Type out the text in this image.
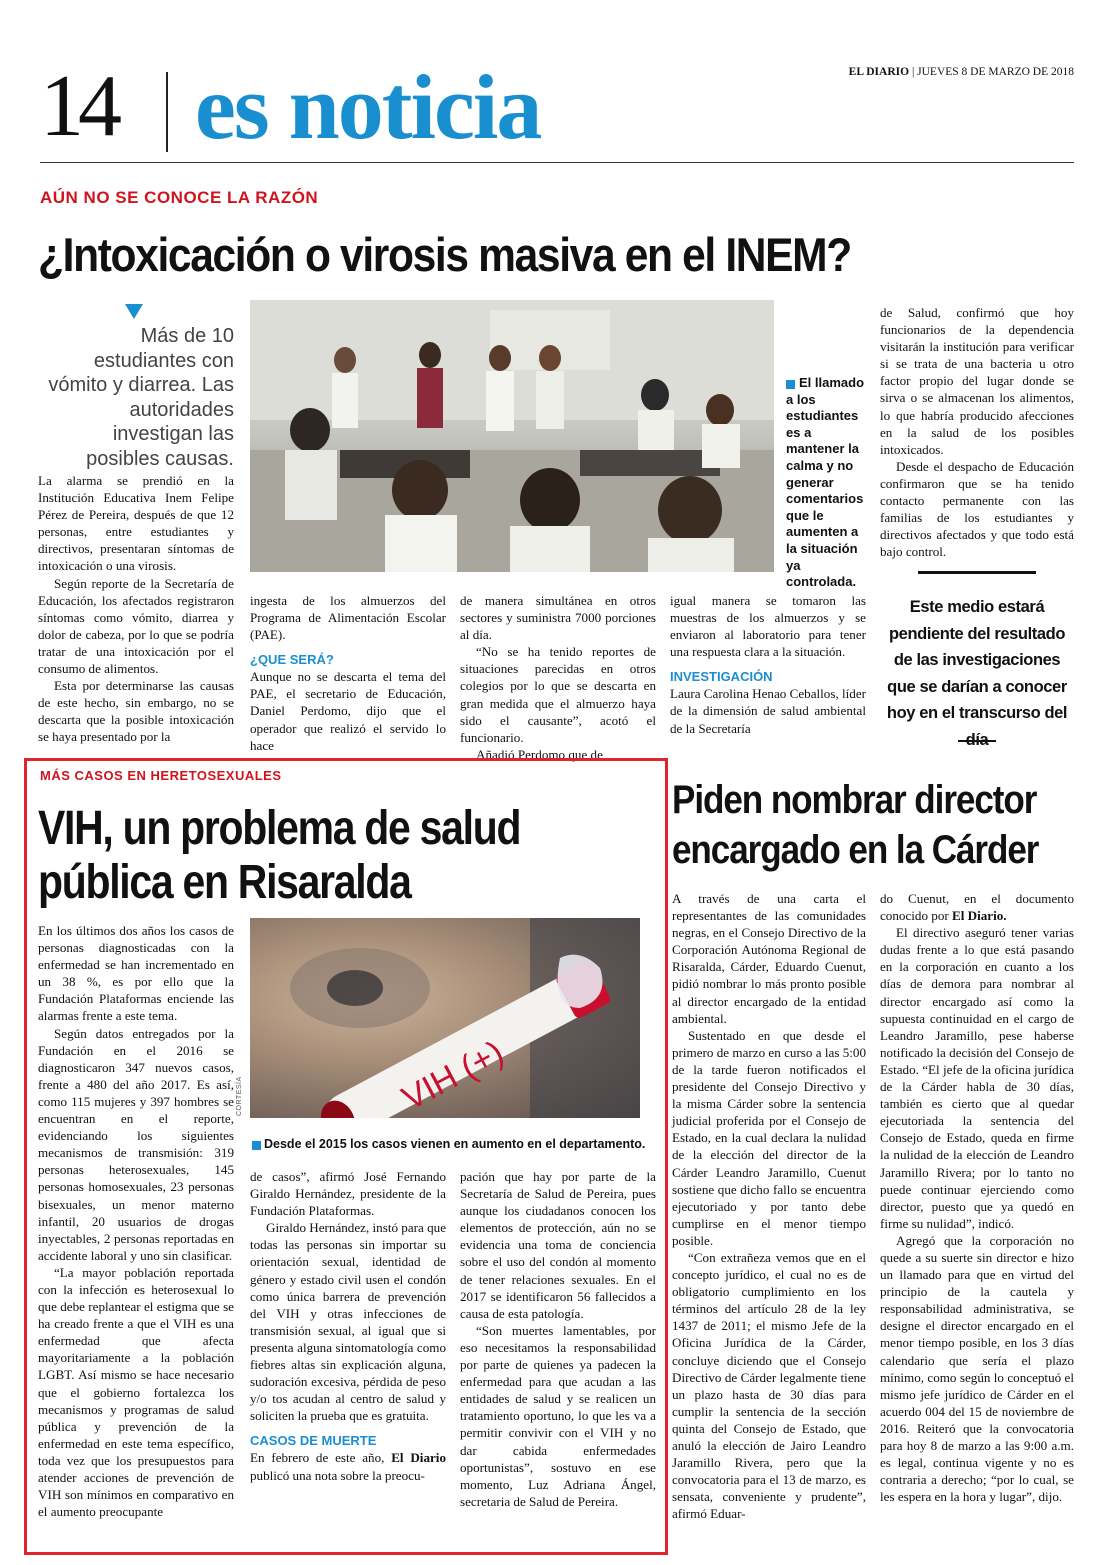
14 es noticia	EL DIARIO | JUEVES 8 DE MARZO DE 2018
AÚN NO SE CONOCE LA RAZÓN
¿Intoxicación o virosis masiva en el INEM?
Más de 10 estudiantes con vómito y diarrea. Las autoridades investigan las posibles causas.
El llamado a los estudiantes es a mantener la calma y no generar comentarios que le aumenten a la situación ya controlada.

La alarma se prendió en la Institución Educativa Inem Felipe Pérez de Pereira, después de que 12 personas, entre estudiantes y directivos, presentaran síntomas de intoxicación o una virosis.

Según reporte de la Secretaría de Educación, los afectados registraron síntomas como vómito, diarrea y dolor de cabeza, por lo que se podría tratar de una intoxicación por el consumo de alimentos.

Esta por determinarse las causas de este hecho, sin embargo, no se descarta que la posible intoxicación se haya presentado por la

ingesta de los almuerzos del Programa de Alimentación Escolar (PAE).

¿QUE SERÁ?

Aunque no se descarta el tema del PAE, el secretario de Educación, Daniel Perdomo, dijo que el operador que realizó el servido lo hace

de manera simultánea en otros sectores y suministra 7000 porciones al día.

“No se ha tenido reportes de situaciones parecidas en otros colegios por lo que se descarta en gran medida que el almuerzo haya sido el causante”, acotó el funcionario.

Añadió Perdomo que de

igual manera se tomaron las muestras de los almuerzos y se enviaron al laboratorio para tener una respuesta clara a la situación.

INVESTIGACIÓN

Laura Carolina Henao Ceballos, líder de la dimensión de salud ambiental de la Secretaría

de Salud, confirmó que hoy funcionarios de la dependencia visitarán la institución para verificar si se trata de una bacteria u otro factor propio del lugar donde se sirva o se almacenan los alimentos, lo que habría producido afecciones en la salud de los posibles intoxicados.

Desde el despacho de Educación confirmaron que se ha tenido contacto permanente con las familias de los estudiantes y directivos afectados y que todo está bajo control.

Este medio estará pendiente del resultado de las investigaciones que se darían a conocer hoy en el transcurso del
MÁS CASOS EN HERETOSEXUALES
VIH, un problema de salud
pública en Risaralda
VIH (+)
CORTESÍA
Desde el 2015 los casos vienen en aumento en el departamento.

En los últimos dos años los casos de personas diagnosticadas con la enfermedad se han incrementado en un 38 %, es por ello que la Fundación Plataformas enciende las alarmas frente a este tema.

Según datos entregados por la Fundación en el 2016 se diagnosticaron 347 nuevos casos, frente a 480 del año 2017. Es así, como 115 mujeres y 397 hombres se encuentran en el reporte, evidenciando los siguientes mecanismos de transmisión: 319 personas heterosexuales, 145 personas homosexuales, 23 personas bisexuales, un menor materno infantil, 20 usuarios de drogas inyectables, 2 personas reportadas en accidente laboral y uno sin clasificar.

“La mayor población reportada con la infección es heterosexual lo que debe replantear el estigma que se ha creado frente a que el VIH es una enfermedad que afecta mayoritariamente a la población LGBT. Así mismo se hace necesario que el gobierno fortalezca los mecanismos y programas de salud pública y prevención de la enfermedad en este tema específico, toda vez que los presupuestos para atender acciones de prevención de VIH son mínimos en comparativo en el aumento preocupante

de casos”, afirmó José Fernando Giraldo Hernández, presidente de la Fundación Plataformas.

Giraldo Hernández, instó para que todas las personas sin importar su orientación sexual, identidad de género y estado civil usen el condón como única barrera de prevención del VIH y otras infecciones de transmisión sexual, al igual que si presenta alguna sintomatología como fiebres altas sin explicación alguna, sudoración excesiva, pérdida de peso y/o tos acudan al centro de salud y soliciten la prueba que es gratuita.

CASOS DE MUERTE

En febrero de este año, El Diario publicó una nota sobre la preocu-

pación que hay por parte de la Secretaría de Salud de Pereira, pues aunque los ciudadanos conocen los elementos de protección, aún no se evidencia una toma de conciencia sobre el uso del condón al momento de tener relaciones sexuales. En el 2017 se identificaron 56 fallecidos a causa de esta patología.

“Son muertes lamentables, por eso necesitamos la responsabilidad por parte de quienes ya padecen la enfermedad para que acudan a las entidades de salud y se realicen un tratamiento oportuno, lo que les va a permitir convivir con el VIH y no dar cabida enfermedades oportunistas”, sostuvo en ese momento, Luz Adriana Ángel, secretaria de Salud de Pereira.

Piden nombrar director
encargado en la Cárder

A través de una carta el representantes de las comunidades negras, en el Consejo Directivo de la Corporación Autónoma Regional de Risaralda, Cárder, Eduardo Cuenut, pidió nombrar lo más pronto posible al director encargado de la entidad ambiental.

Sustentado en que desde el primero de marzo en curso a las 5:00 de la tarde fueron notificados el presidente del Consejo Directivo y la misma Cárder sobre la sentencia judicial proferida por el Consejo de Estado, en la cual declara la nulidad de la elección del director de la Cárder Leandro Jaramillo, Cuenut sostiene que dicho fallo se encuentra ejecutoriado y por tanto debe cumplirse en el menor tiempo posible.

“Con extrañeza vemos que en el concepto jurídico, el cual no es de obligatorio cumplimiento en los términos del artículo 28 de la ley 1437 de 2011; el mismo Jefe de la Oficina Jurídica de la Cárder, concluye diciendo que el Consejo Directivo de Cárder legalmente tiene un plazo hasta de 30 días para cumplir la sentencia de la sección quinta del Consejo de Estado, que anuló la elección de Jairo Leandro Jaramillo Rivera, pero que la convocatoria para el 13 de marzo, es sensata, conveniente y prudente”, afirmó Eduar-

do Cuenut, en el documento conocido por El Diario.

El directivo aseguró tener varias dudas frente a lo que está pasando en la corporación en cuanto a los días de demora para nombrar al director encargado así como la supuesta continuidad en el cargo de Leandro Jaramillo, pese haberse notificado la decisión del Consejo de Estado. “El jefe de la oficina jurídica de la Cárder habla de 30 días, también es cierto que al quedar ejecutoriada la sentencia del Consejo de Estado, queda en firme la nulidad de la elección de Leandro Jaramillo Rivera; por lo tanto no puede continuar ejerciendo como director, puesto que ya quedó en firme su nulidad”, indicó.

Agregó que la corporación no quede a su suerte sin director e hizo un llamado para que en virtud del principio de la cautela y responsabilidad administrativa, se designe el director encargado en el menor tiempo posible, en los 3 días calendario que sería el plazo mínimo, como según lo conceptuó el mismo jefe jurídico de Cárder en el acuerdo 004 del 15 de noviembre de 2016. Reiteró que la convocatoria para hoy 8 de marzo a las 9:00 a.m. es legal, continua vigente y no es contraria a derecho; “por lo cual, se les espera en la hora y lugar”, dijo.
